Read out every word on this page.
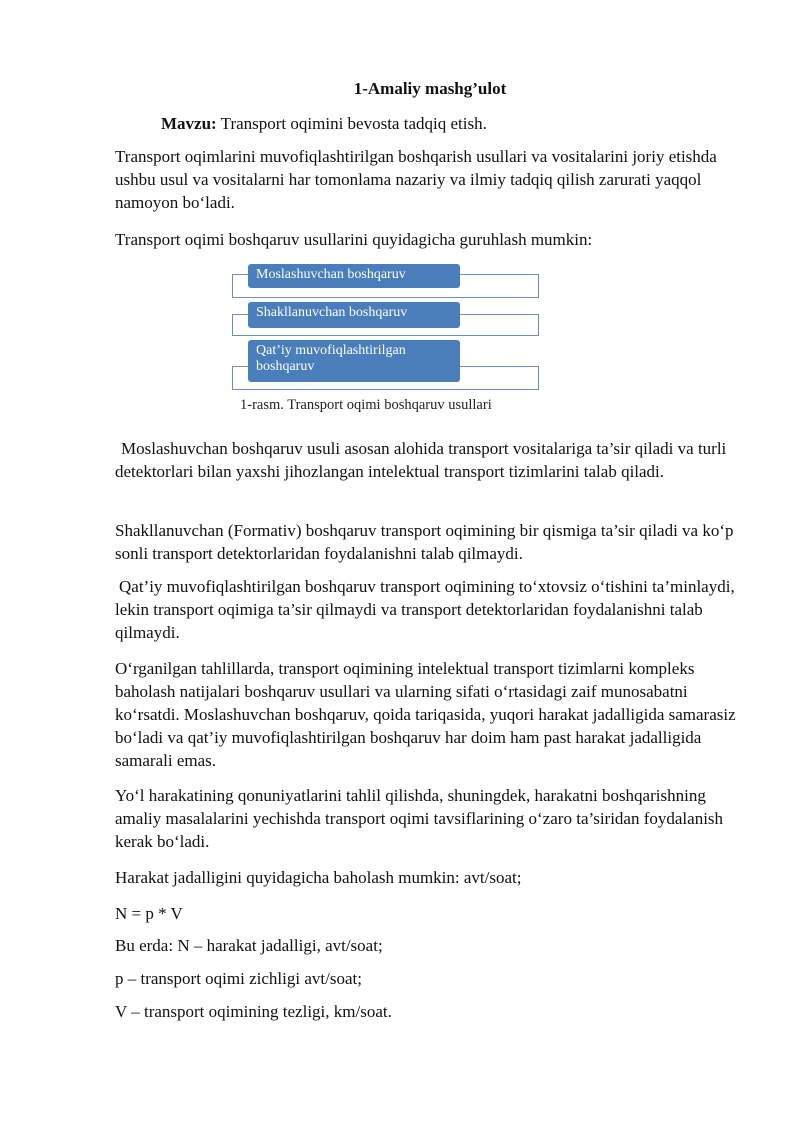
1-Amaliy mashg’ulot
Mavzu: Transport oqimini bevosta tadqiq etish.

Transport oqimlarini muvofiqlashtirilgan boshqarish usullari va vositalarini joriy etishda ushbu usul va vositalarni har tomonlama nazariy va ilmiy tadqiq qilish zarurati yaqqol namoyon boʻladi.

Transport oqimi boshqaruv usullarini quyidagicha guruhlash mumkin:

Moslashuvchan boshqaruv
Shakllanuvchan boshqaruv
Qat’iy muvofiqlashtirilgan
boshqaruv
1-rasm. Transport oqimi boshqaruv usullari

Moslashuvchan boshqaruv usuli asosan alohida transport vositalariga ta’sir qiladi va turli detektorlari bilan yaxshi jihozlangan intelektual transport tizimlarini talab qiladi.

Shakllanuvchan (Formativ) boshqaruv transport oqimining bir qismiga ta’sir qiladi va koʻp sonli transport detektorlaridan foydalanishni talab qilmaydi.

Qat’iy muvofiqlashtirilgan boshqaruv transport oqimining toʻxtovsiz oʻtishini ta’minlaydi, lekin transport oqimiga ta’sir qilmaydi va transport detektorlaridan foydalanishni talab qilmaydi.

Oʻrganilgan tahlillarda, transport oqimining intelektual transport tizimlarni kompleks baholash natijalari boshqaruv usullari va ularning sifati oʻrtasidagi zaif munosabatni koʻrsatdi. Moslashuvchan boshqaruv, qoida tariqasida, yuqori harakat jadalligida samarasiz boʻladi va qat’iy muvofiqlashtirilgan boshqaruv har doim ham past harakat jadalligida samarali emas.

Yoʻl harakatining qonuniyatlarini tahlil qilishda, shuningdek, harakatni boshqarishning amaliy masalalarini yechishda transport oqimi tavsiflarining oʻzaro ta’siridan foydalanish kerak boʻladi.

Harakat jadalligini quyidagicha baholash mumkin: avt/soat;

N = p * V
Bu erda: N – harakat jadalligi, avt/soat;
p – transport oqimi zichligi avt/soat;
V – transport oqimining tezligi, km/soat.
